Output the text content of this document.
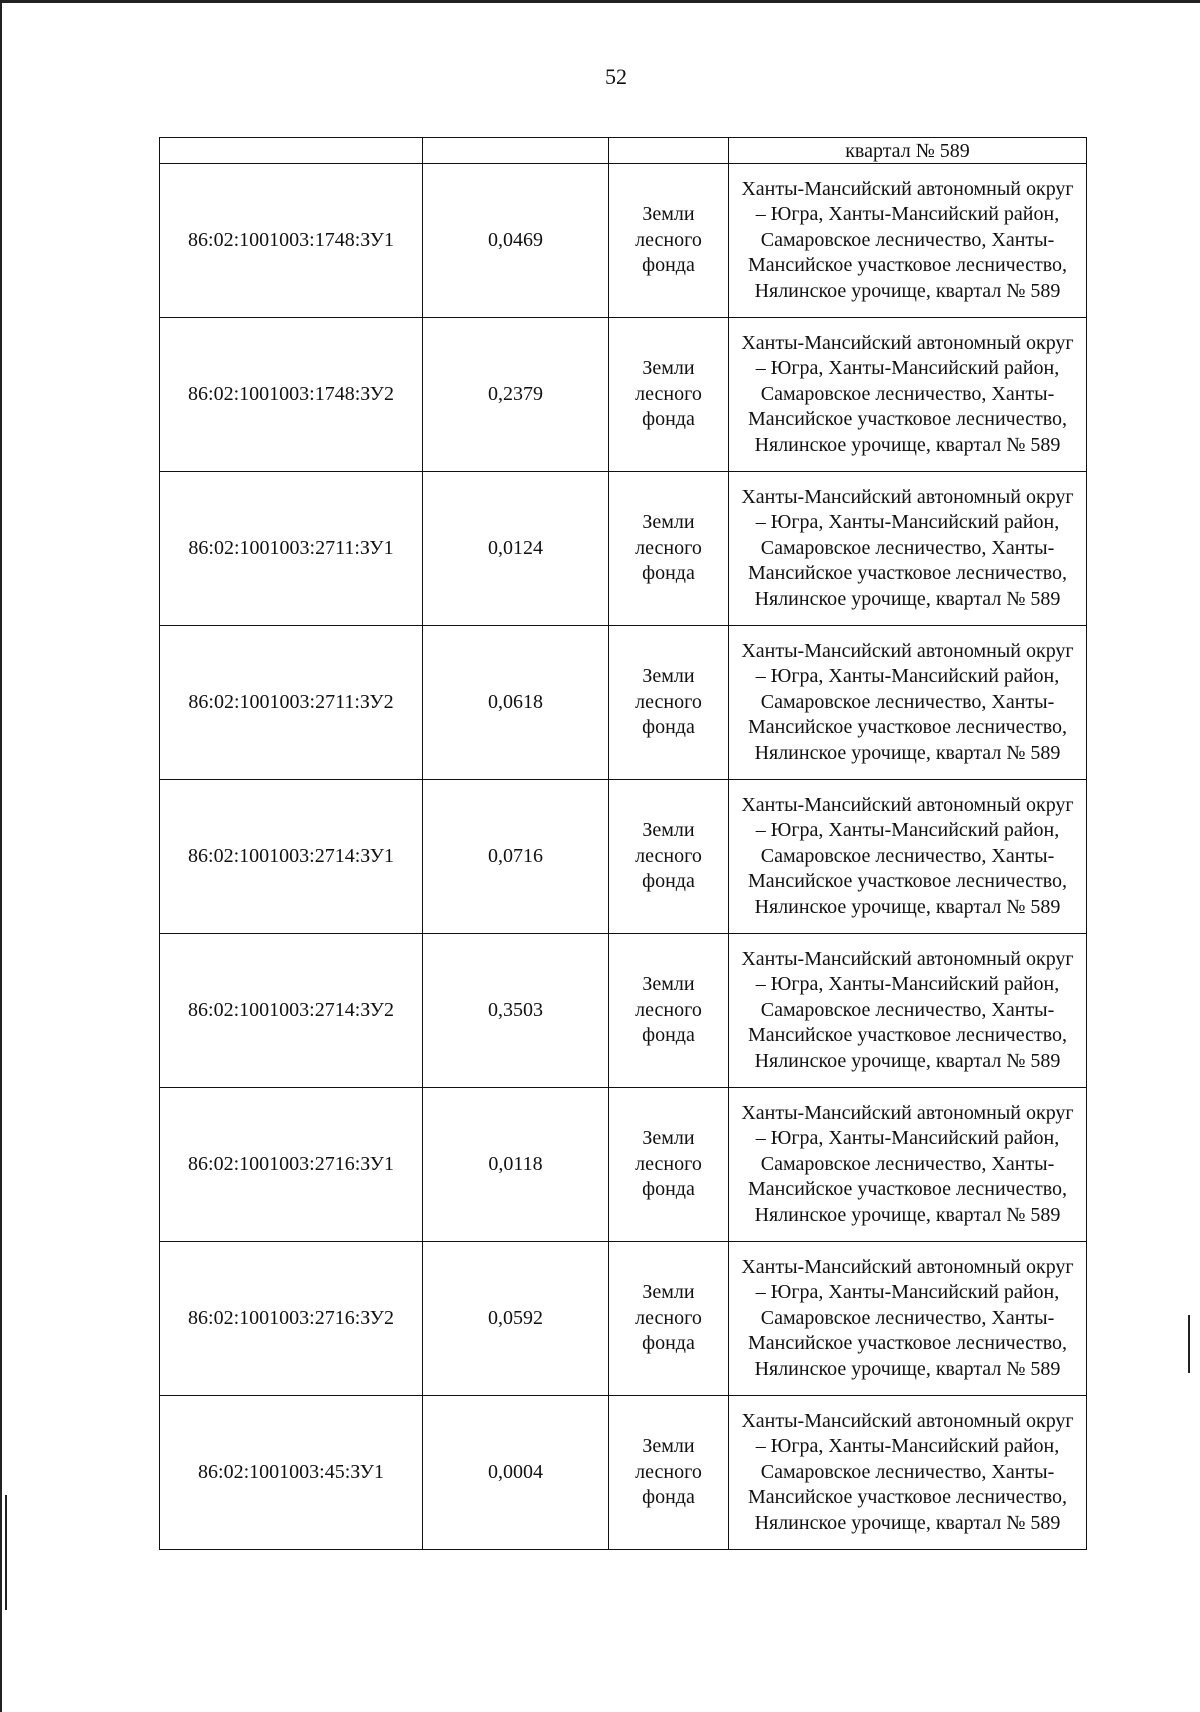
52
			квартал № 589
86:02:1001003:1748:ЗУ1	0,0469	Земли лесного фонда	Ханты-Мансийский автономный округ – Югра, Ханты-Мансийский район, Самаровское лесничество, Ханты-Мансийское участковое лесничество, Нялинское урочище, квартал № 589

86:02:1001003:1748:ЗУ2	0,2379	Земли лесного фонда	Ханты-Мансийский автономный округ – Югра, Ханты-Мансийский район, Самаровское лесничество, Ханты-Мансийское участковое лесничество, Нялинское урочище, квартал № 589

86:02:1001003:2711:ЗУ1	0,0124	Земли лесного фонда	Ханты-Мансийский автономный округ – Югра, Ханты-Мансийский район, Самаровское лесничество, Ханты-Мансийское участковое лесничество, Нялинское урочище, квартал № 589

86:02:1001003:2711:ЗУ2	0,0618	Земли лесного фонда	Ханты-Мансийский автономный округ – Югра, Ханты-Мансийский район, Самаровское лесничество, Ханты-Мансийское участковое лесничество, Нялинское урочище, квартал № 589

86:02:1001003:2714:ЗУ1	0,0716	Земли лесного фонда	Ханты-Мансийский автономный округ – Югра, Ханты-Мансийский район, Самаровское лесничество, Ханты-Мансийское участковое лесничество, Нялинское урочище, квартал № 589

86:02:1001003:2714:ЗУ2	0,3503	Земли лесного фонда	Ханты-Мансийский автономный округ – Югра, Ханты-Мансийский район, Самаровское лесничество, Ханты-Мансийское участковое лесничество, Нялинское урочище, квартал № 589

86:02:1001003:2716:ЗУ1	0,0118	Земли лесного фонда	Ханты-Мансийский автономный округ – Югра, Ханты-Мансийский район, Самаровское лесничество, Ханты-Мансийское участковое лесничество, Нялинское урочище, квартал № 589

86:02:1001003:2716:ЗУ2	0,0592	Земли лесного фонда	Ханты-Мансийский автономный округ – Югра, Ханты-Мансийский район, Самаровское лесничество, Ханты-Мансийское участковое лесничество, Нялинское урочище, квартал № 589

86:02:1001003:45:ЗУ1	0,0004	Земли лесного фонда	Ханты-Мансийский автономный округ – Югра, Ханты-Мансийский район, Самаровское лесничество, Ханты-Мансийское участковое лесничество, Нялинское урочище, квартал № 589
